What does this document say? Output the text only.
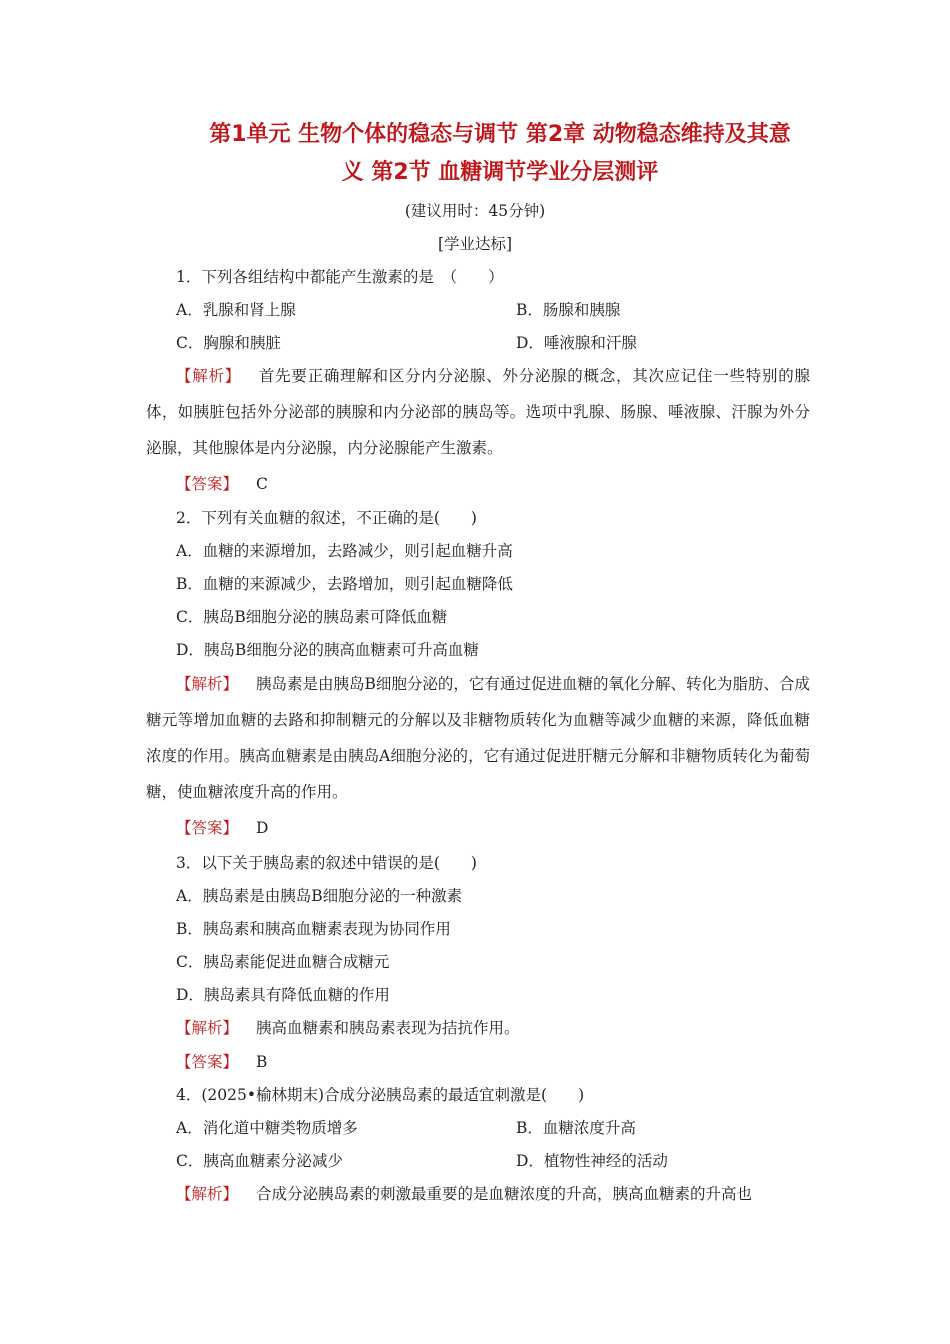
第1单元 生物个体的稳态与调节 第2章 动物稳态维持及其意
义 第2节 血糖调节学业分层测评
(建议用时：45分钟)
[学业达标]
1．下列各组结构中都能产生激素的是　（　　）
A．乳腺和肾上腺	B．肠腺和胰腺
C．胸腺和胰脏	D．唾液腺和汗腺
【解析】 首先要正确理解和区分内分泌腺、外分泌腺的概念，其次应记住一些特别的腺体，如胰脏包括外分泌部的胰腺和内分泌部的胰岛等。选项中乳腺、肠腺、唾液腺、汗腺为外分泌腺，其他腺体是内分泌腺，内分泌腺能产生激素。
【答案】 C
2．下列有关血糖的叙述，不正确的是(　　)
A．血糖的来源增加，去路减少，则引起血糖升高
B．血糖的来源减少，去路增加，则引起血糖降低
C．胰岛B细胞分泌的胰岛素可降低血糖
D．胰岛B细胞分泌的胰高血糖素可升高血糖
【解析】 胰岛素是由胰岛B细胞分泌的，它有通过促进血糖的氧化分解、转化为脂肪、合成糖元等增加血糖的去路和抑制糖元的分解以及非糖物质转化为血糖等减少血糖的来源，降低血糖浓度的作用。胰高血糖素是由胰岛A细胞分泌的，它有通过促进肝糖元分解和非糖物质转化为葡萄糖，使血糖浓度升高的作用。
【答案】 D
3．以下关于胰岛素的叙述中错误的是(　　)
A．胰岛素是由胰岛B细胞分泌的一种激素
B．胰岛素和胰高血糖素表现为协同作用
C．胰岛素能促进血糖合成糖元
D．胰岛素具有降低血糖的作用
【解析】 胰高血糖素和胰岛素表现为拮抗作用。
【答案】 B
4．(2025•榆林期末)合成分泌胰岛素的最适宜刺激是(　　)
A．消化道中糖类物质增多	B．血糖浓度升高
C．胰高血糖素分泌减少	D．植物性神经的活动
【解析】 合成分泌胰岛素的刺激最重要的是血糖浓度的升高，胰高血糖素的升高也
